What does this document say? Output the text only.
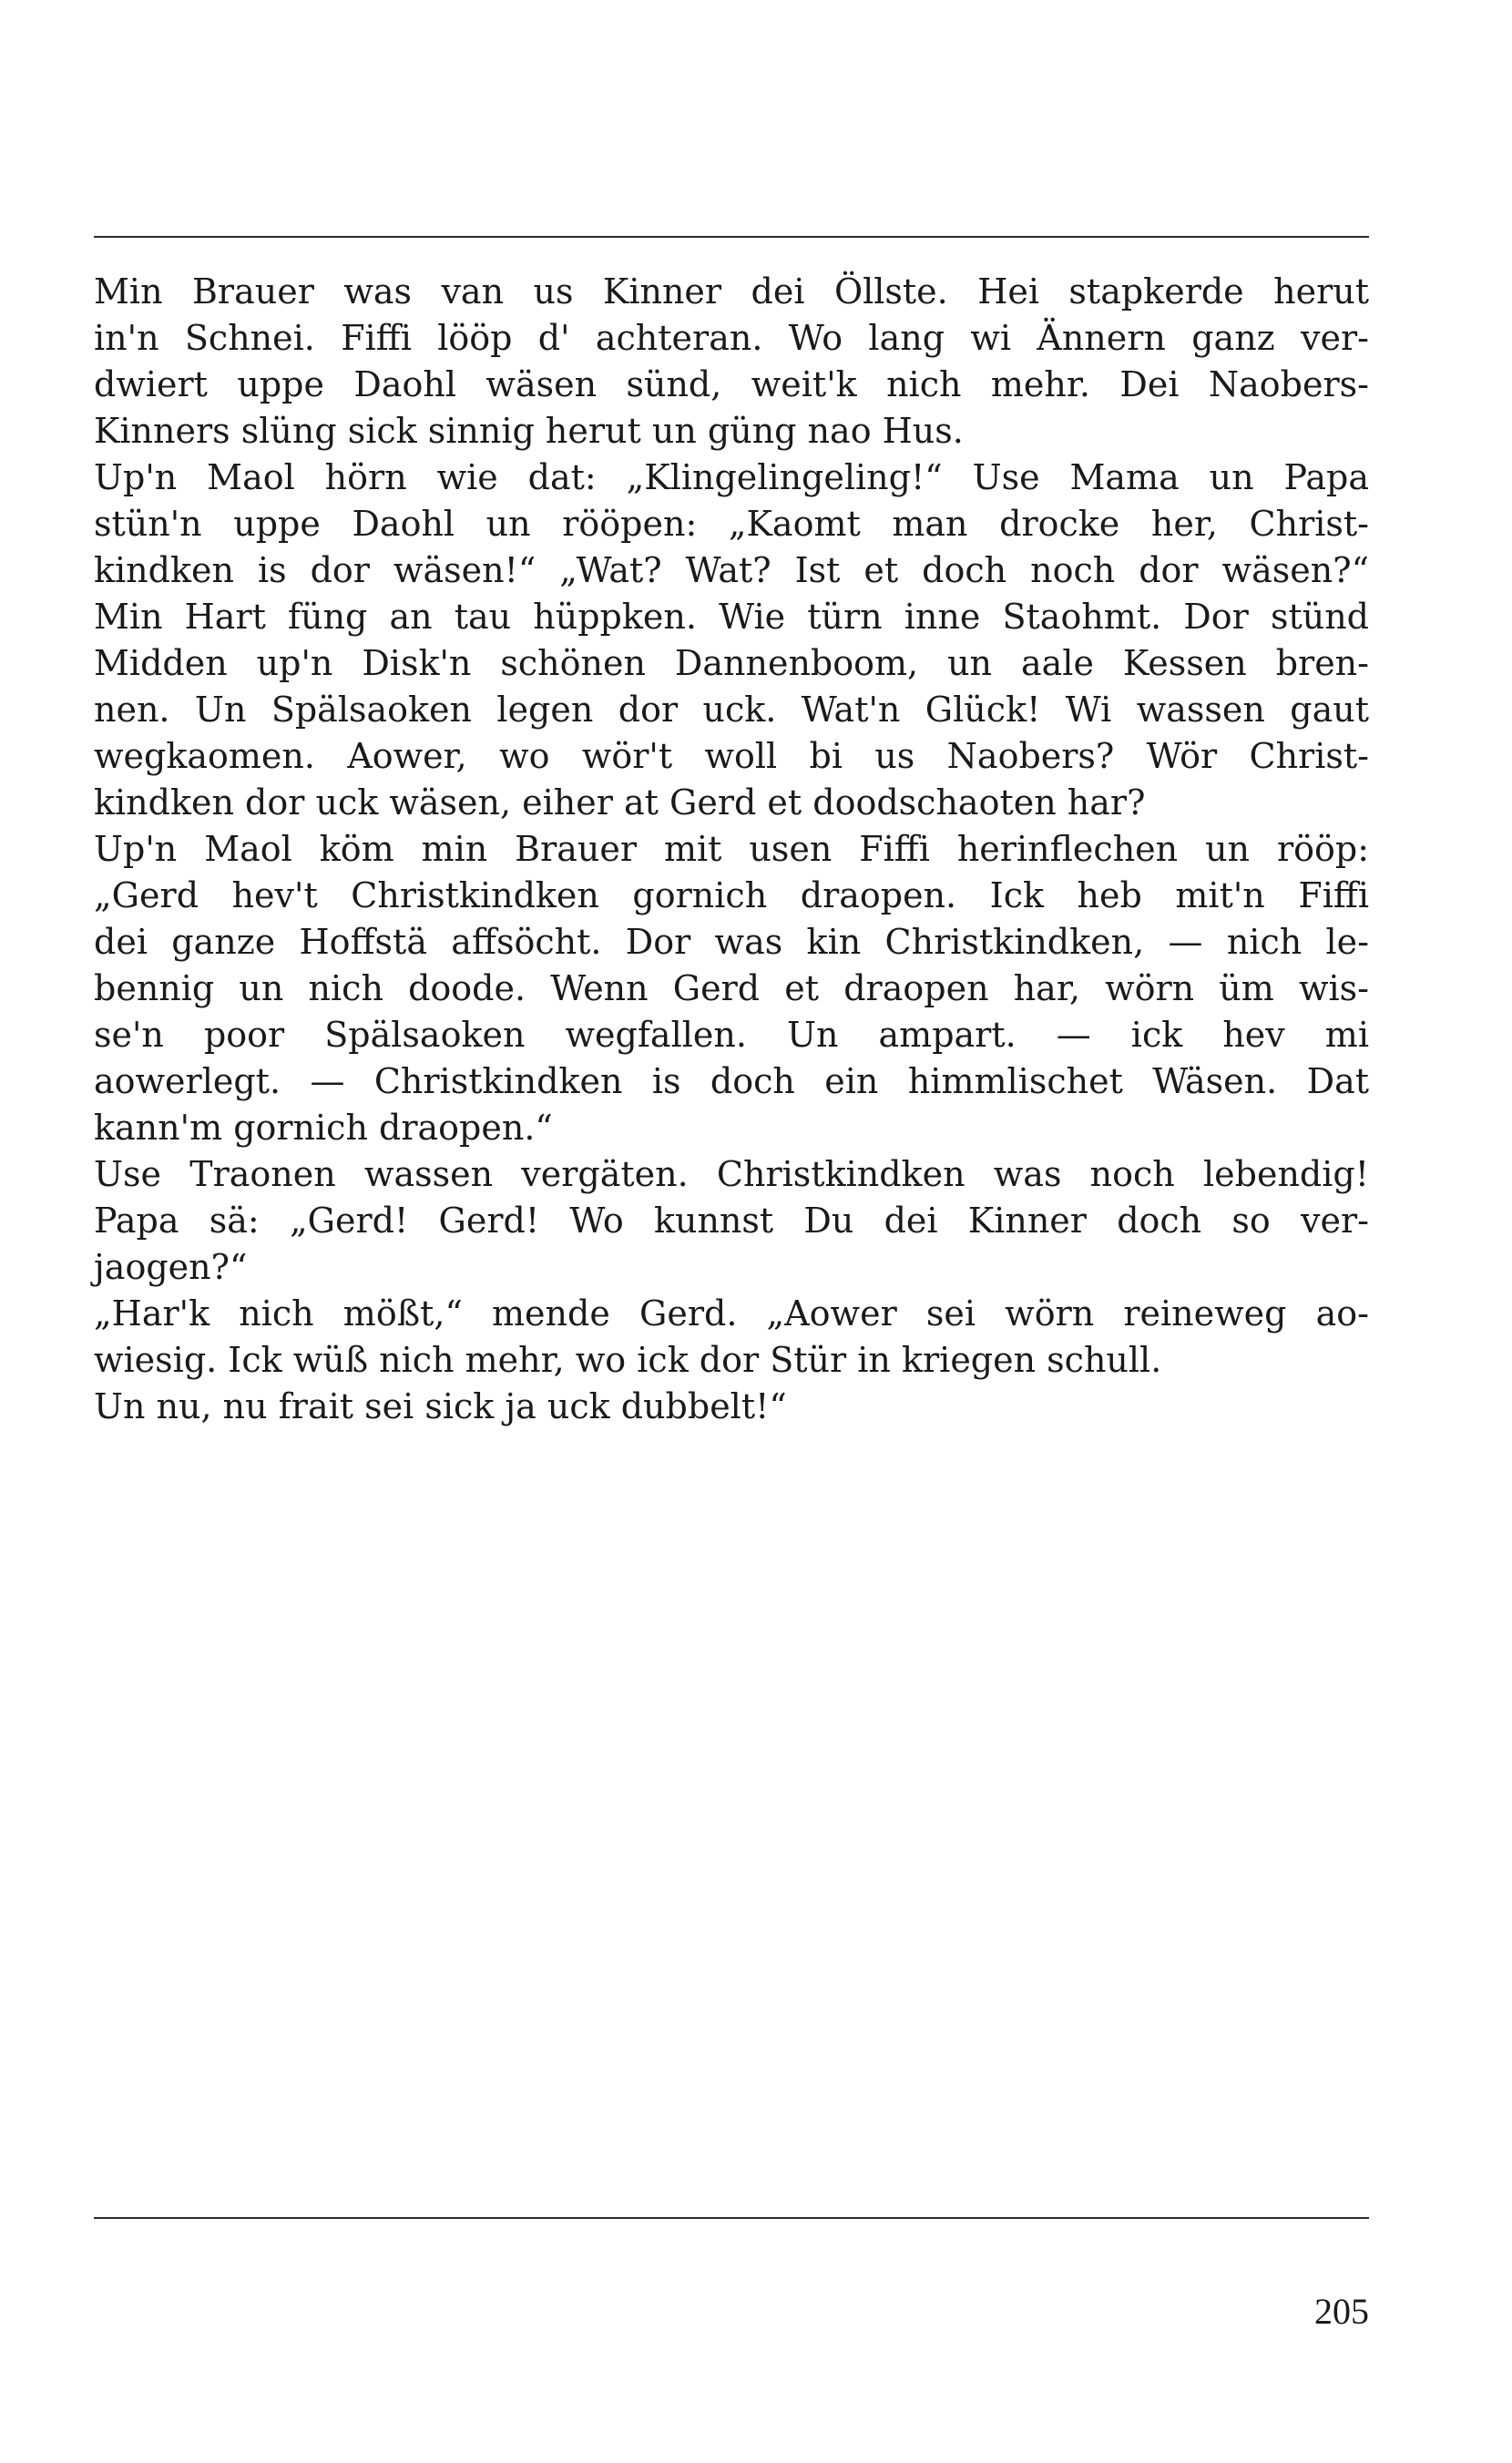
Min Brauer was van us Kinner dei Öllste. Hei stapkerde herut
in'n Schnei. Fiffi lööp d' achteran. Wo lang wi Ännern ganz ver-
dwiert uppe Daohl wäsen sünd, weit'k nich mehr. Dei Naobers-
Kinners slüng sick sinnig herut un güng nao Hus.
Up'n Maol hörn wie dat: „Klingelingeling!“ Use Mama un Papa
stün'n uppe Daohl un rööpen: „Kaomt man drocke her, Christ-
kindken is dor wäsen!“ „Wat? Wat? Ist et doch noch dor wäsen?“
Min Hart füng an tau hüppken. Wie türn inne Staohmt. Dor stünd
Midden up'n Disk'n schönen Dannenboom, un aale Kessen bren-
nen. Un Spälsaoken legen dor uck. Wat'n Glück! Wi wassen gaut
wegkaomen. Aower, wo wör't woll bi us Naobers? Wör Christ-
kindken dor uck wäsen, eiher at Gerd et doodschaoten har?
Up'n Maol köm min Brauer mit usen Fiffi herinflechen un rööp:
„Gerd hev't Christkindken gornich draopen. Ick heb mit'n Fiffi
dei ganze Hoffstä affsöcht. Dor was kin Christkindken, — nich le-
bennig un nich doode. Wenn Gerd et draopen har, wörn üm wis-
se'n poor Spälsaoken wegfallen. Un ampart. — ick hev mi
aowerlegt. — Christkindken is doch ein himmlischet Wäsen. Dat
kann'm gornich draopen.“
Use Traonen wassen vergäten. Christkindken was noch lebendig!
Papa sä: „Gerd! Gerd! Wo kunnst Du dei Kinner doch so ver-
jaogen?“
„Har'k nich mößt,“ mende Gerd. „Aower sei wörn reineweg ao-
wiesig. Ick wüß nich mehr, wo ick dor Stür in kriegen schull.
Un nu, nu frait sei sick ja uck dubbelt!“
205
